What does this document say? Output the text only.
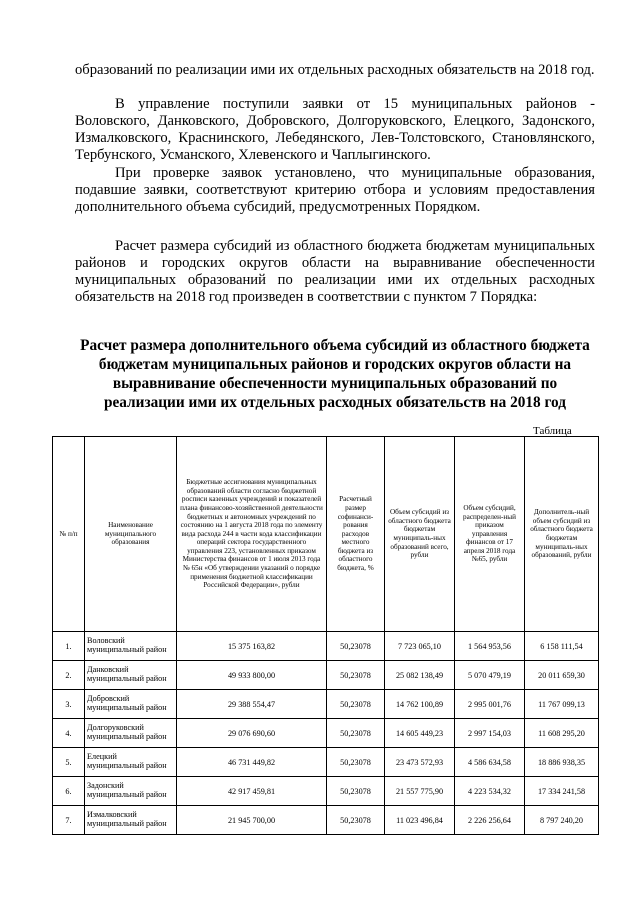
образований по реализации ими их отдельных расходных обязательств на 2018 год.

В управление поступили заявки от 15 муниципальных районов - Воловского, Данковского, Добровского, Долгоруковского, Елецкого, Задонского, Измалковского, Краснинского, Лебедянского, Лев-Толстовского, Становлянского, Тербунского, Усманского, Хлевенского и Чаплыгинского.

При проверке заявок установлено, что муниципальные образования, подавшие заявки, соответствуют критерию отбора и условиям предоставления дополнительного объема субсидий, предусмотренных Порядком.

Расчет размера субсидий из областного бюджета бюджетам муниципальных районов и городских округов области на выравнивание обеспеченности муниципальных образований по реализации ими их отдельных расходных обязательств на 2018 год произведен в соответствии с пунктом 7 Порядка:

Расчет размера дополнительного объема субсидий из областного бюджета бюджетам муниципальных районов и городских округов области на выравнивание обеспеченности муниципальных образований по реализации ими их отдельных расходных обязательств на 2018 год

Таблица
№ п/п	Наименование муниципального образования	Бюджетные ассигнования муниципальных образований области согласно бюджетной росписи казенных учреждений и показателей плана финансово-хозяйственной деятельности бюджетных и автономных учреждений по состоянию на 1 августа 2018 года по элементу вида расхода 244 в части кода классификации операций сектора государственного управления 223, установленных приказом Министерства финансов от 1 июля 2013 года № 65н «Об утверждении указаний о порядке применения бюджетной классификации Российской Федерации», рубли	Расчетный размер софинанси-рования расходов местного бюджета из областного бюджета, %	Объем субсидий из областного бюджета бюджетам муниципаль-ных образований всего, рубли	Объем субсидий, распределен-ный приказом управления финансов от 17 апреля 2018 года №65, рубли	Дополнитель-ный объем субсидий из областного бюджета бюджетам муниципаль-ных образований, рубли
1.	Воловский муниципальный район	15 375 163,82	50,23078	7 723 065,10	1 564 953,56	6 158 111,54
2.	Данковский муниципальный район	49 933 800,00	50,23078	25 082 138,49	5 070 479,19	20 011 659,30
3.	Добровский муниципальный район	29 388 554,47	50,23078	14 762 100,89	2 995 001,76	11 767 099,13
4.	Долгоруковский муниципальный район	29 076 690,60	50,23078	14 605 449,23	2 997 154,03	11 608 295,20
5.	Елецкий муниципальный район	46 731 449,82	50,23078	23 473 572,93	4 586 634,58	18 886 938,35
6.	Задонский муниципальный район	42 917 459,81	50,23078	21 557 775,90	4 223 534,32	17 334 241,58
7.	Измалковский муниципальный район	21 945 700,00	50,23078	11 023 496,84	2 226 256,64	8 797 240,20
